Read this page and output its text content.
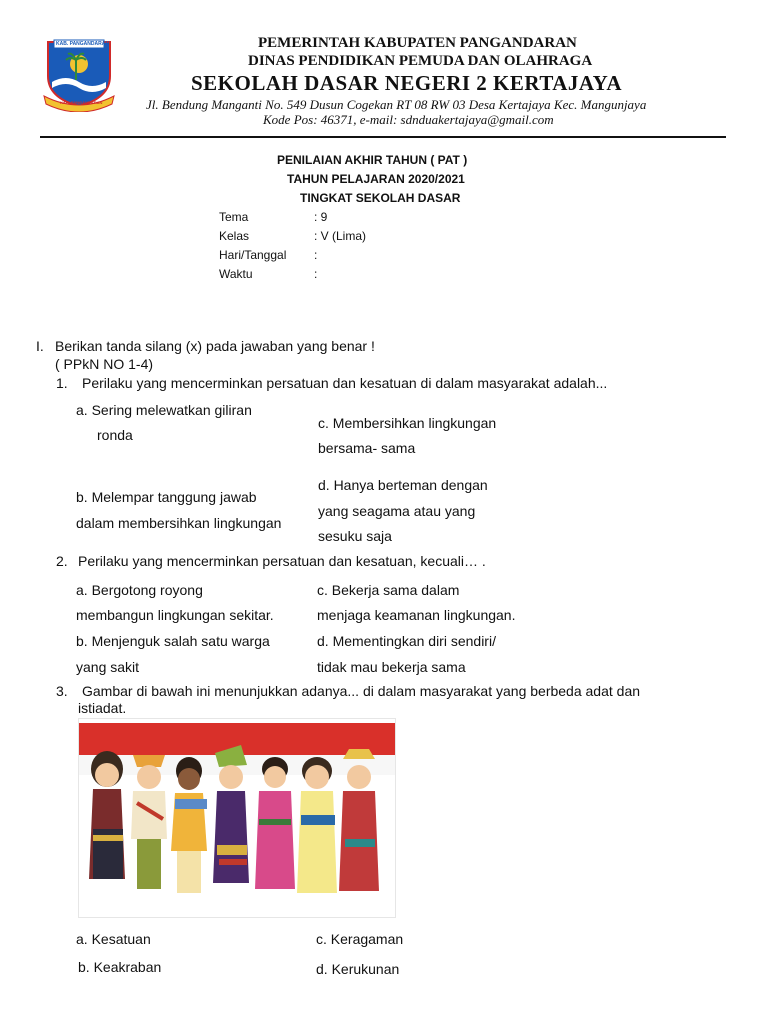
KAB. PANGANDARAN
KAB. PANGANDARAN
PEMERINTAH KABUPATEN PANGANDARAN
DINAS PENDIDIKAN PEMUDA DAN OLAHRAGA
SEKOLAH DASAR NEGERI 2 KERTAJAYA
Jl. Bendung Manganti No. 549 Dusun Cogekan RT 08 RW 03 Desa Kertajaya Kec. Mangunjaya
Kode Pos: 46371, e-mail: sdnduakertajaya@gmail.com
PENILAIAN AKHIR TAHUN ( PAT )
TAHUN PELAJARAN 2020/2021
TINGKAT SEKOLAH DASAR
Tema	: 9
Kelas	: V (Lima)
Hari/Tanggal :
Waktu	:
I. Berikan tanda silang (x) pada jawaban yang benar !
( PPkN NO 1-4)
1. Perilaku yang mencerminkan persatuan dan kesatuan di dalam masyarakat adalah...
a. Sering melewatkan giliran
ronda
c. Membersihkan lingkungan
bersama- sama
d. Hanya berteman dengan
b. Melempar tanggung jawab
yang seagama atau yang
dalam membersihkan lingkungan
sesuku saja
2. Perilaku yang mencerminkan persatuan dan kesatuan, kecuali… .
a. Bergotong royong	c. Bekerja sama dalam
membangun lingkungan sekitar.	menjaga keamanan lingkungan.
b. Menjenguk salah satu warga	d. Mementingkan diri sendiri/
yang sakit	tidak mau bekerja sama
3. Gambar di bawah ini menunjukkan adanya... di dalam masyarakat yang berbeda adat dan
istiadat.
a. Kesatuan	c. Keragaman
b. Keakraban	d. Kerukunan
